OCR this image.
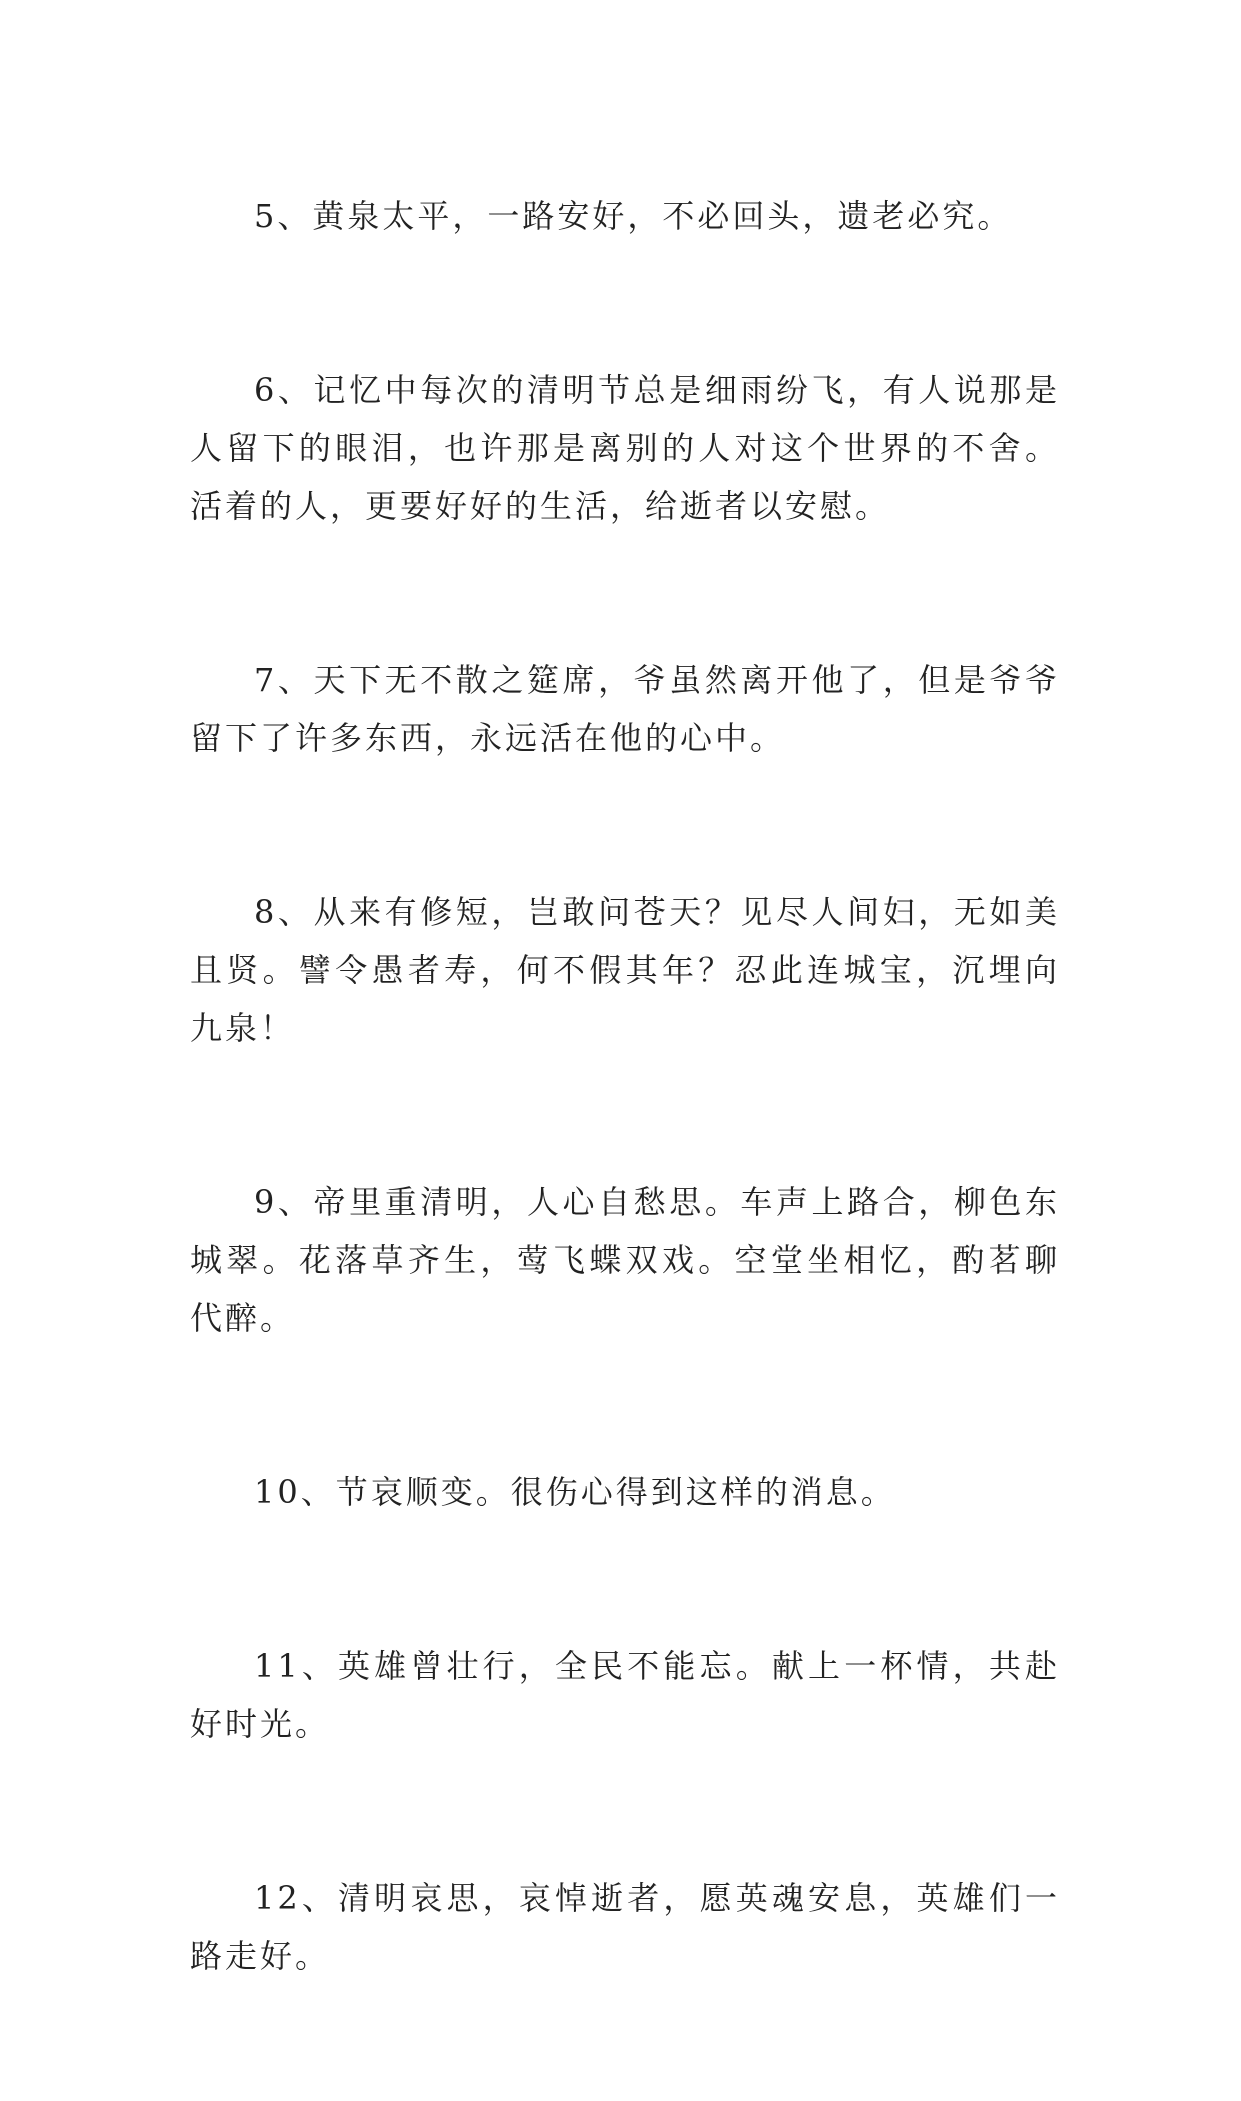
5、黄泉太平，一路安好，不必回头，遗老必究。

6、记忆中每次的清明节总是细雨纷飞，有人说那是人留下的眼泪，也许那是离别的人对这个世界的不舍。活着的人，更要好好的生活，给逝者以安慰。

7、天下无不散之筵席，爷虽然离开他了，但是爷爷留下了许多东西，永远活在他的心中。

8、从来有修短，岂敢问苍天？见尽人间妇，无如美且贤。譬令愚者寿，何不假其年？忍此连城宝，沉埋向九泉！

9、帝里重清明，人心自愁思。车声上路合，柳色东城翠。花落草齐生，莺飞蝶双戏。空堂坐相忆，酌茗聊代醉。

10、节哀顺变。很伤心得到这样的消息。

11、英雄曾壮行，全民不能忘。献上一杯情，共赴好时光。

12、清明哀思，哀悼逝者，愿英魂安息，英雄们一路走好。
